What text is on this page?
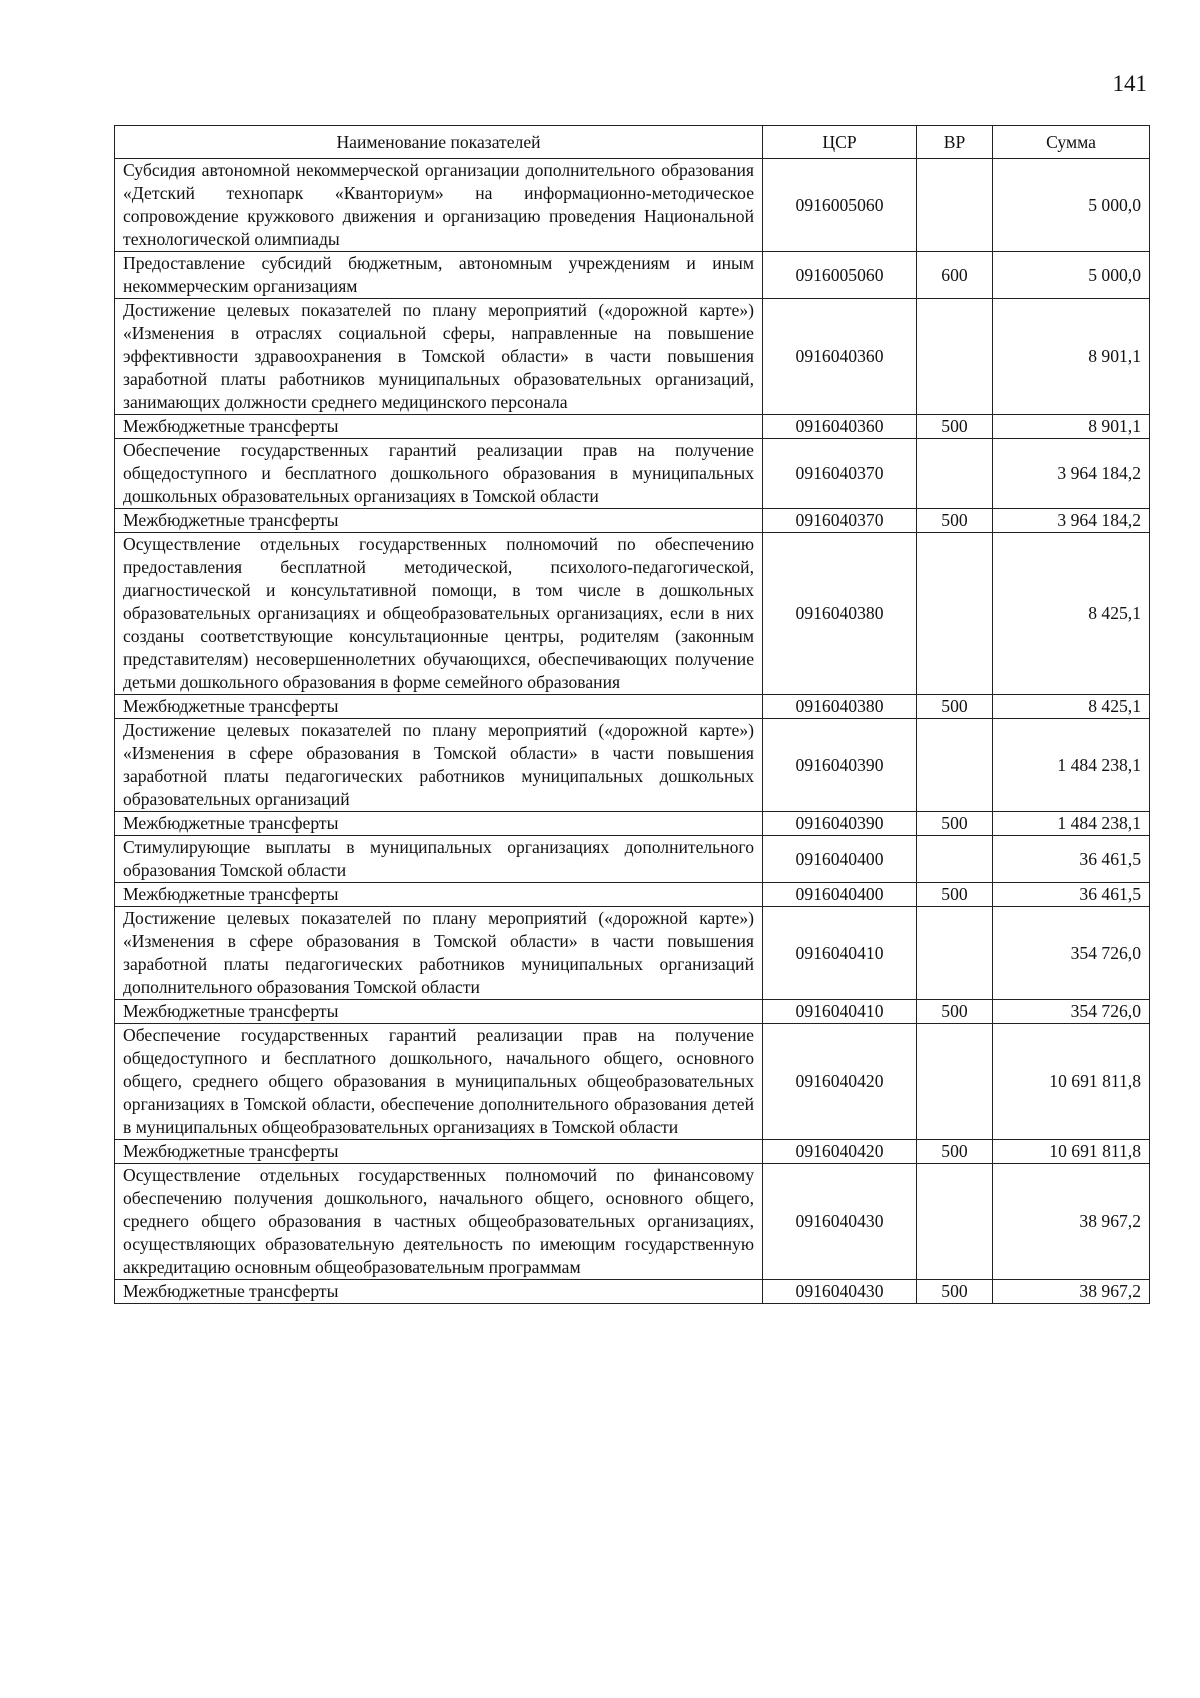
141
Наименование показателей	ЦСР	ВР	Сумма
Субсидия автономной некоммерческой организации дополнительного образования «Детский технопарк «Кванториум» на информационно-методическое сопровождение кружкового движения и организацию проведения Национальной технологической олимпиады	0916005060		5 000,0
Предоставление субсидий бюджетным, автономным учреждениям и иным некоммерческим организациям	0916005060	600	5 000,0
Достижение целевых показателей по плану мероприятий («дорожной карте») «Изменения в отраслях социальной сферы, направленные на повышение эффективности здравоохранения в Томской области» в части повышения заработной платы работников муниципальных образовательных организаций, занимающих должности среднего медицинского персонала	0916040360		8 901,1
Межбюджетные трансферты	0916040360	500	8 901,1
Обеспечение государственных гарантий реализации прав на получение общедоступного и бесплатного дошкольного образования в муниципальных дошкольных образовательных организациях в Томской области	0916040370		3 964 184,2
Межбюджетные трансферты	0916040370	500	3 964 184,2
Осуществление отдельных государственных полномочий по обеспечению предоставления бесплатной методической, психолого-педагогической, диагностической и консультативной помощи, в том числе в дошкольных образовательных организациях и общеобразовательных организациях, если в них созданы соответствующие консультационные центры, родителям (законным представителям) несовершеннолетних обучающихся, обеспечивающих получение детьми дошкольного образования в форме семейного образования	0916040380		8 425,1
Межбюджетные трансферты	0916040380	500	8 425,1
Достижение целевых показателей по плану мероприятий («дорожной карте») «Изменения в сфере образования в Томской области» в части повышения заработной платы педагогических работников муниципальных дошкольных образовательных организаций	0916040390		1 484 238,1
Межбюджетные трансферты	0916040390	500	1 484 238,1
Стимулирующие выплаты в муниципальных организациях дополнительного образования Томской области	0916040400		36 461,5
Межбюджетные трансферты	0916040400	500	36 461,5
Достижение целевых показателей по плану мероприятий («дорожной карте») «Изменения в сфере образования в Томской области» в части повышения заработной платы педагогических работников муниципальных организаций дополнительного образования Томской области	0916040410		354 726,0
Межбюджетные трансферты	0916040410	500	354 726,0
Обеспечение государственных гарантий реализации прав на получение общедоступного и бесплатного дошкольного, начального общего, основного общего, среднего общего образования в муниципальных общеобразовательных организациях в Томской области, обеспечение дополнительного образования детей в муниципальных общеобразовательных организациях в Томской области	0916040420		10 691 811,8
Межбюджетные трансферты	0916040420	500	10 691 811,8
Осуществление отдельных государственных полномочий по финансовому обеспечению получения дошкольного, начального общего, основного общего, среднего общего образования в частных общеобразовательных организациях, осуществляющих образовательную деятельность по имеющим государственную аккредитацию основным общеобразовательным программам	0916040430		38 967,2
Межбюджетные трансферты	0916040430	500	38 967,2
